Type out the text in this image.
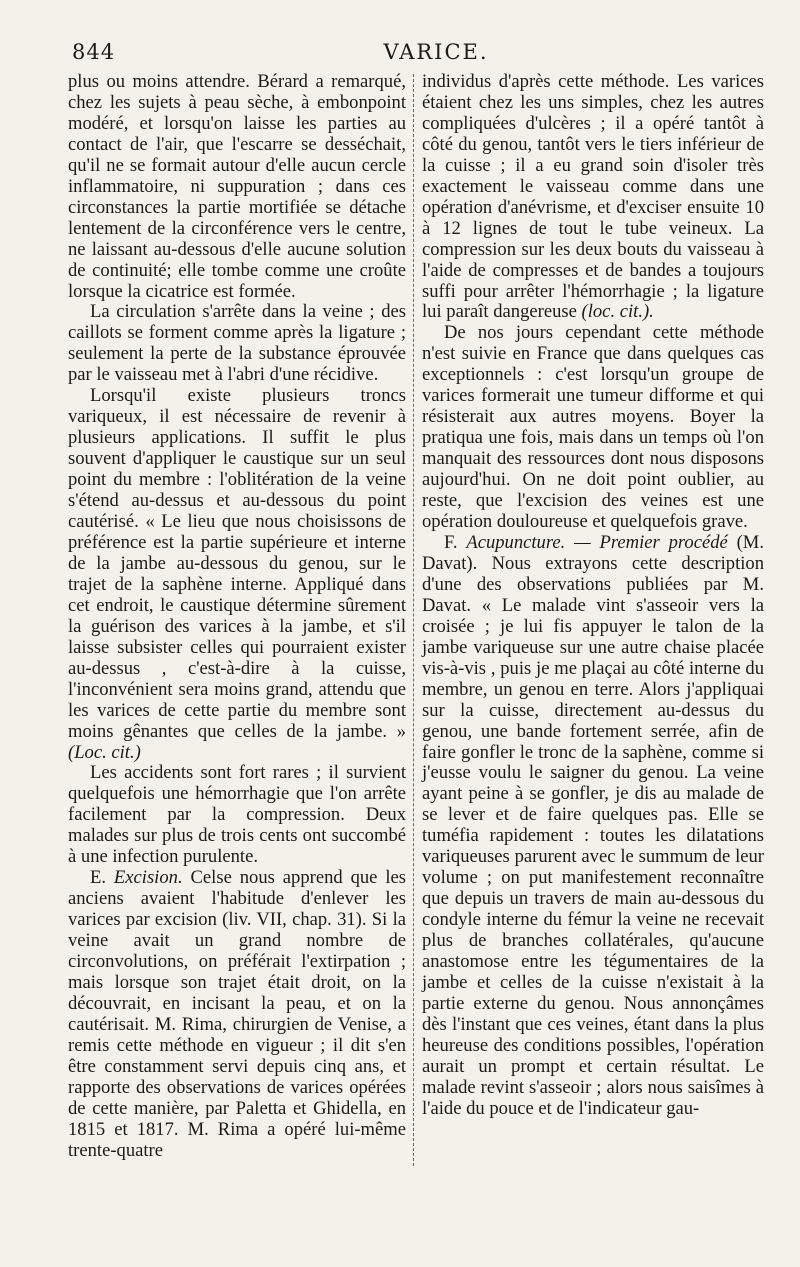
844	VARICE.

plus ou moins attendre. Bérard a remarqué, chez les sujets à peau sèche, à embonpoint modéré, et lorsqu'on laisse les parties au contact de l'air, que l'escarre se desséchait, qu'il ne se formait autour d'elle aucun cercle inflammatoire, ni suppuration ; dans ces circonstances la partie mortifiée se détache lentement de la circonférence vers le centre, ne laissant au-dessous d'elle aucune solution de continuité; elle tombe comme une croûte lorsque la cicatrice est formée.

La circulation s'arrête dans la veine ; des caillots se forment comme après la ligature ; seulement la perte de la substance éprouvée par le vaisseau met à l'abri d'une récidive.

Lorsqu'il existe plusieurs troncs variqueux, il est nécessaire de revenir à plusieurs applications. Il suffit le plus souvent d'appliquer le caustique sur un seul point du membre : l'oblitération de la veine s'étend au-dessus et au-dessous du point cautérisé. « Le lieu que nous choisissons de préférence est la partie supérieure et interne de la jambe au-dessous du genou, sur le trajet de la saphène interne. Appliqué dans cet endroit, le caustique détermine sûrement la guérison des varices à la jambe, et s'il laisse subsister celles qui pourraient exister au-dessus , c'est-à-dire à la cuisse, l'inconvénient sera moins grand, attendu que les varices de cette partie du membre sont moins gênantes que celles de la jambe. » (Loc. cit.)

Les accidents sont fort rares ; il survient quelquefois une hémorrhagie que l'on arrête facilement par la compression. Deux malades sur plus de trois cents ont succombé à une infection purulente.

E. Excision. Celse nous apprend que les anciens avaient l'habitude d'enlever les varices par excision (liv. VII, chap. 31). Si la veine avait un grand nombre de circonvolutions, on préférait l'extirpation ; mais lorsque son trajet était droit, on la découvrait, en incisant la peau, et on la cautérisait. M. Rima, chirurgien de Venise, a remis cette méthode en vigueur ; il dit s'en être constamment servi depuis cinq ans, et rapporte des observations de varices opérées de cette manière, par Paletta et Ghidella, en 1815 et 1817. M. Rima a opéré lui-même trente-quatre

individus d'après cette méthode. Les varices étaient chez les uns simples, chez les autres compliquées d'ulcères ; il a opéré tantôt à côté du genou, tantôt vers le tiers inférieur de la cuisse ; il a eu grand soin d'isoler très exactement le vaisseau comme dans une opération d'anévrisme, et d'exciser ensuite 10 à 12 lignes de tout le tube veineux. La compression sur les deux bouts du vaisseau à l'aide de compresses et de bandes a toujours suffi pour arrêter l'hémorrhagie ; la ligature lui paraît dangereuse (loc. cit.).

De nos jours cependant cette méthode n'est suivie en France que dans quelques cas exceptionnels : c'est lorsqu'un groupe de varices formerait une tumeur difforme et qui résisterait aux autres moyens. Boyer la pratiqua une fois, mais dans un temps où l'on manquait des ressources dont nous disposons aujourd'hui. On ne doit point oublier, au reste, que l'excision des veines est une opération douloureuse et quelquefois grave.

F. Acupuncture. — Premier procédé (M. Davat). Nous extrayons cette description d'une des observations publiées par M. Davat. « Le malade vint s'asseoir vers la croisée ; je lui fis appuyer le talon de la jambe variqueuse sur une autre chaise placée vis-à-vis , puis je me plaçai au côté interne du membre, un genou en terre. Alors j'appliquai sur la cuisse, directement au-dessus du genou, une bande fortement serrée, afin de faire gonfler le tronc de la saphène, comme si j'eusse voulu le saigner du genou. La veine ayant peine à se gonfler, je dis au malade de se lever et de faire quelques pas. Elle se tuméfia rapidement : toutes les dilatations variqueuses parurent avec le summum de leur volume ; on put manifestement reconnaître que depuis un travers de main au-dessous du condyle interne du fémur la veine ne recevait plus de branches collatérales, qu'aucune anastomose entre les tégumentaires de la jambe et celles de la cuisse n'existait à la partie externe du genou. Nous annonçâmes dès l'instant que ces veines, étant dans la plus heureuse des conditions possibles, l'opération aurait un prompt et certain résultat. Le malade revint s'asseoir ; alors nous saisîmes à l'aide du pouce et de l'indicateur gau-
